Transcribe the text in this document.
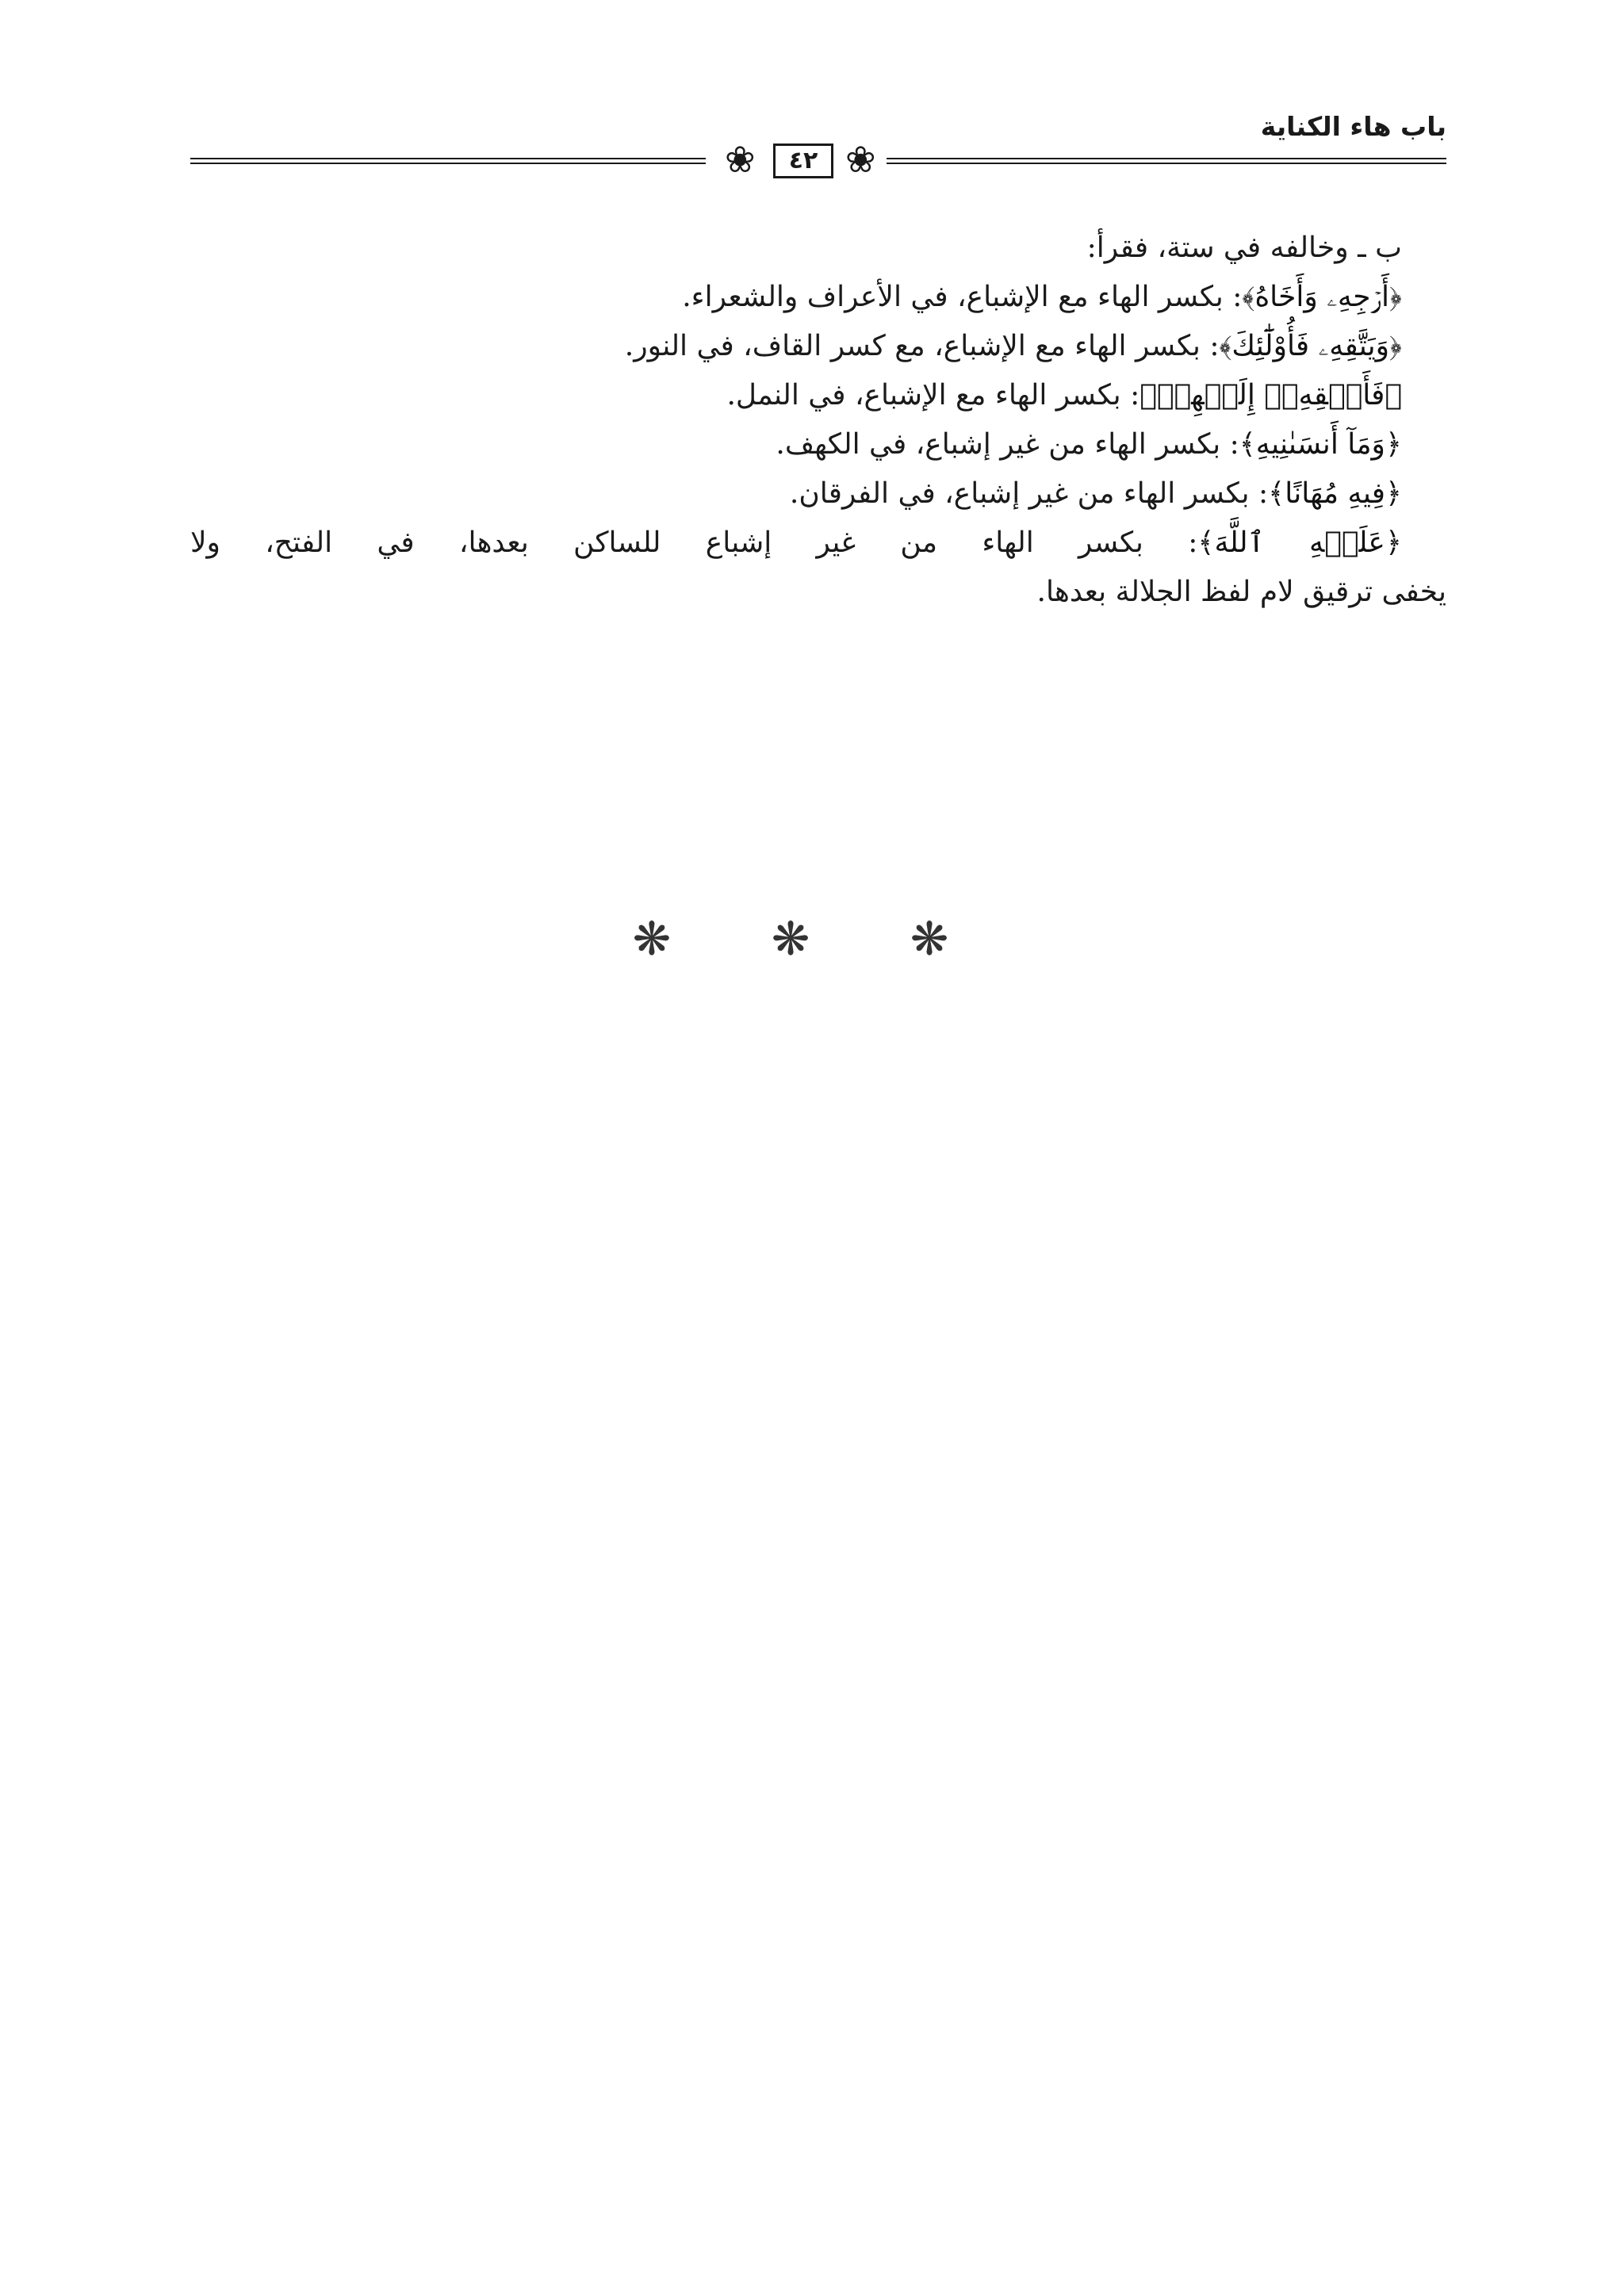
باب هاء الكناية
❀ ❀
٤٢
ب ـ وخالفه في ستة، فقرأ:
﴿أَرۡجِهِۦ وَأَخَاهُ﴾: بكسر الهاء مع الإشباع، في الأعراف والشعراء.
﴿وَيَتَّقِهِۦ فَأُوْلَٰٓئِكَ﴾: بكسر الهاء مع الإشباع، مع كسر القاف، في النور.
﴿فَأَلۡقِهِۦٓ إِلَيۡهِمۡ﴾: بكسر الهاء مع الإشباع، في النمل.
﴿وَمَآ أَنسَىٰنِيهِ﴾: بكسر الهاء من غير إشباع، في الكهف.
﴿فِيهِ مُهَانًا﴾: بكسر الهاء من غير إشباع، في الفرقان.
﴿عَلَيۡهِ ٱللَّهَ﴾: بكسر الهاء من غير إشباع للساكن بعدها، في الفتح، ولا
يخفى ترقيق لام لفظ الجلالة بعدها.
❋ ❋ ❋
